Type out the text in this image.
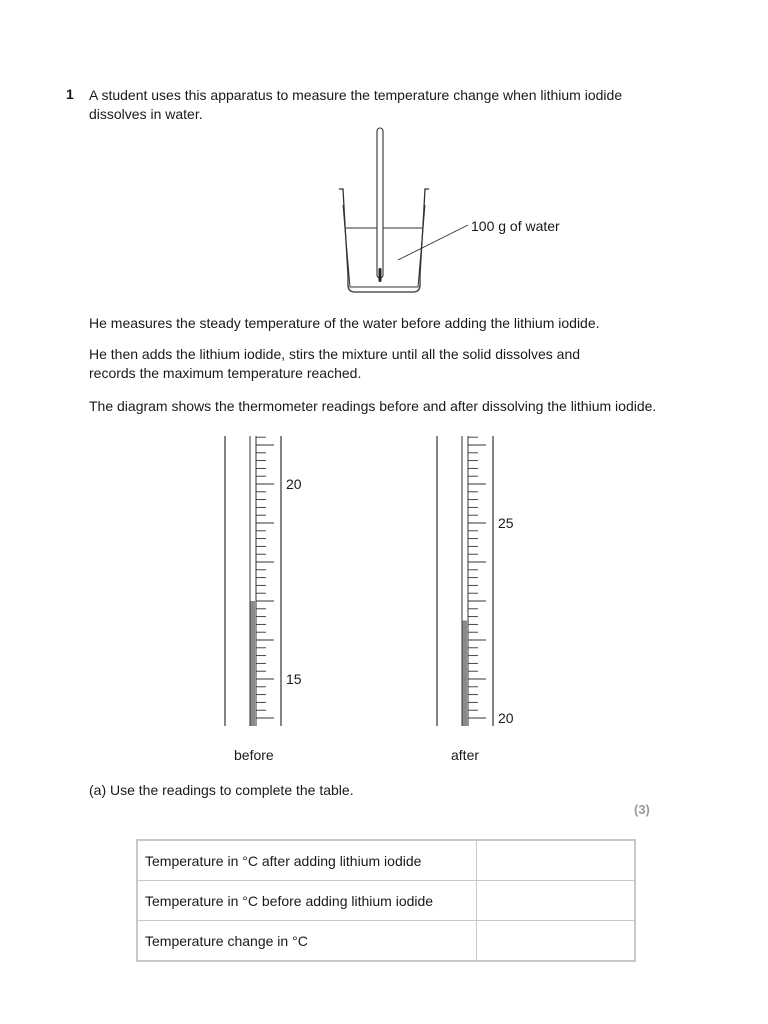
1 A student uses this apparatus to measure the temperature change when lithium iodide dissolves in water.
100 g of water
He measures the steady temperature of the water before adding the lithium iodide.
He then adds the lithium iodide, stirs the mixture until all the solid dissolves and records the maximum temperature reached.
The diagram shows the thermometer readings before and after dissolving the lithium iodide.
15
20
20
25
before	after
(a) Use the readings to complete the table.
(3)
Temperature in °C after adding lithium iodide	
Temperature in °C before adding lithium iodide	
Temperature change in °C	
